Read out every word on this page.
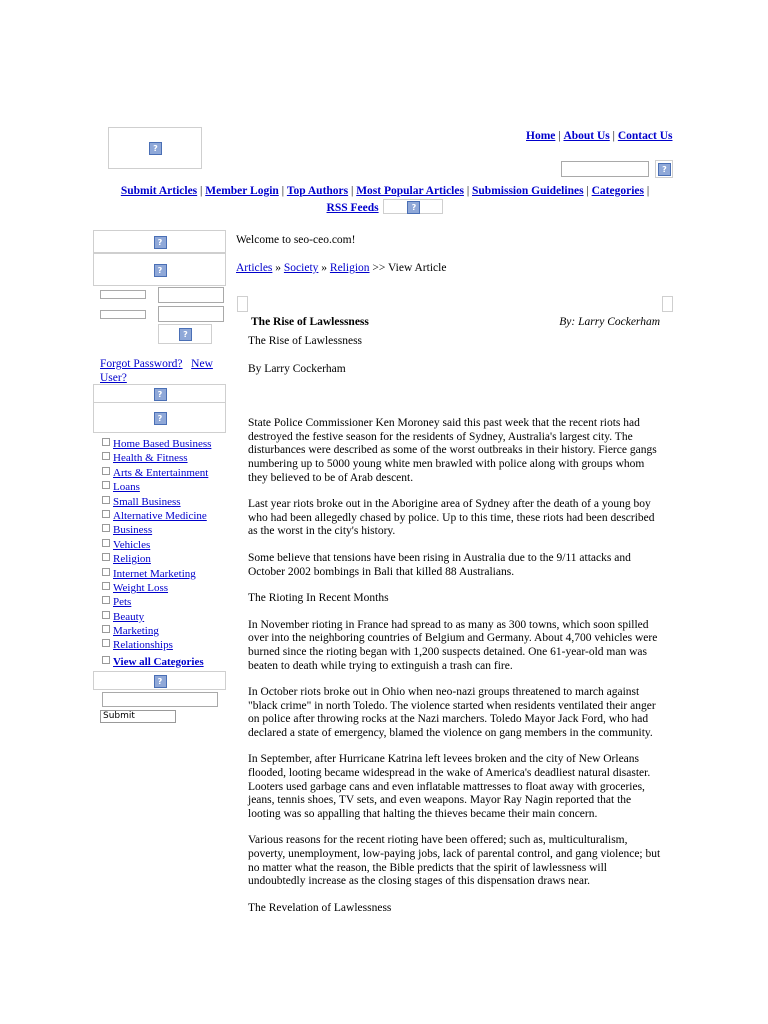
?
Home | About Us | Contact Us
?
Submit Articles | Member Login | Top Authors | Most Popular Articles | Submission Guidelines | Categories |
RSS Feeds	?
?
?
?
Forgot Password? New User?
?
?
Home Based Business
Health & Fitness
Arts & Entertainment
Loans
Small Business
Alternative Medicine
Business
Vehicles
Religion
Internet Marketing
Weight Loss
Pets
Beauty
Marketing
Relationships
View all Categories
?
Submit
Welcome to seo-ceo.com!
Articles » Society » Religion >> View Article
The Rise of Lawlessness	By: Larry Cockerham

The Rise of Lawlessness

By Larry Cockerham

State Police Commissioner Ken Moroney said this past week that the recent riots had destroyed the festive season for the residents of Sydney, Australia's largest city. The disturbances were described as some of the worst outbreaks in their history. Fierce gangs numbering up to 5000 young white men brawled with police along with groups whom they believed to be of Arab descent.

Last year riots broke out in the Aborigine area of Sydney after the death of a young boy who had been allegedly chased by police. Up to this time, these riots had been described as the worst in the city's history.

Some believe that tensions have been rising in Australia due to the 9/11 attacks and October 2002 bombings in Bali that killed 88 Australians.

The Rioting In Recent Months

In November rioting in France had spread to as many as 300 towns, which soon spilled over into the neighboring countries of Belgium and Germany. About 4,700 vehicles were burned since the rioting began with 1,200 suspects detained. One 61-year-old man was beaten to death while trying to extinguish a trash can fire.

In October riots broke out in Ohio when neo-nazi groups threatened to march against "black crime" in north Toledo. The violence started when residents ventilated their anger on police after throwing rocks at the Nazi marchers. Toledo Mayor Jack Ford, who had declared a state of emergency, blamed the violence on gang members in the community.

In September, after Hurricane Katrina left levees broken and the city of New Orleans flooded, looting became widespread in the wake of America's deadliest natural disaster. Looters used garbage cans and even inflatable mattresses to float away with groceries, jeans, tennis shoes, TV sets, and even weapons. Mayor Ray Nagin reported that the looting was so appalling that halting the thieves became their main concern.

Various reasons for the recent rioting have been offered; such as, multiculturalism, poverty, unemployment, low-paying jobs, lack of parental control, and gang violence; but no matter what the reason, the Bible predicts that the spirit of lawlessness will undoubtedly increase as the closing stages of this dispensation draws near.

The Revelation of Lawlessness
